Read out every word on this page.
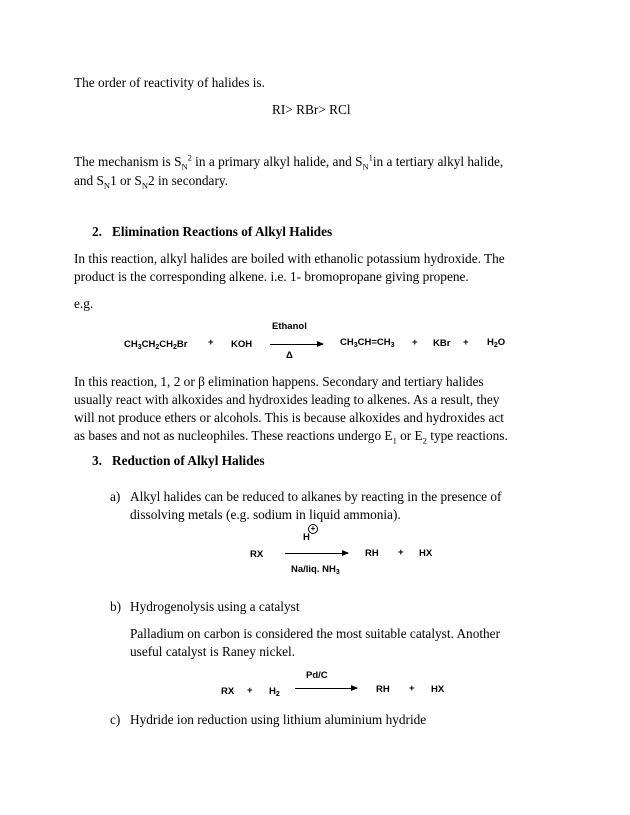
The order of reactivity of halides is.
RI> RBr> RCl
The mechanism is $S_N^2$ in a primary alkyl halide, and $S_N^1in$ a tertiary alkyl halide,
and $S_N1$ or $S_N2$ in secondary.
2. Elimination Reactions of Alkyl Halides
In this reaction, alkyl halides are boiled with ethanolic potassium hydroxide. The
product is the corresponding alkene. i.e. 1- bromopropane giving propene.
e.g.
$CH_3CH_2CH_2Br$ + KOH
Ethanol
Δ
$CH_3CH=CH_3$ + KBr + $H_2O$
In this reaction, 1, 2 or β elimination happens. Secondary and tertiary halides
usually react with alkoxides and hydroxides leading to alkenes. As a result, they
will not produce ethers or alcohols. This is because alkoxides and hydroxides act
as bases and not as nucleophiles. These reactions undergo $E_1$ or $E_2$ type reactions.
3. Reduction of Alkyl Halides
a) Alkyl halides can be reduced to alkanes by reacting in the presence of
dissolving metals (e.g. sodium in liquid ammonia).
+
H
RX →
Na/liq. $NH_3$
RH + HX
b) Hydrogenolysis using a catalyst
Palladium on carbon is considered the most suitable catalyst. Another
useful catalyst is Raney nickel.
Pd/C
RX + $H_2$ → RH + HX
c) Hydride ion reduction using lithium aluminium hydride
